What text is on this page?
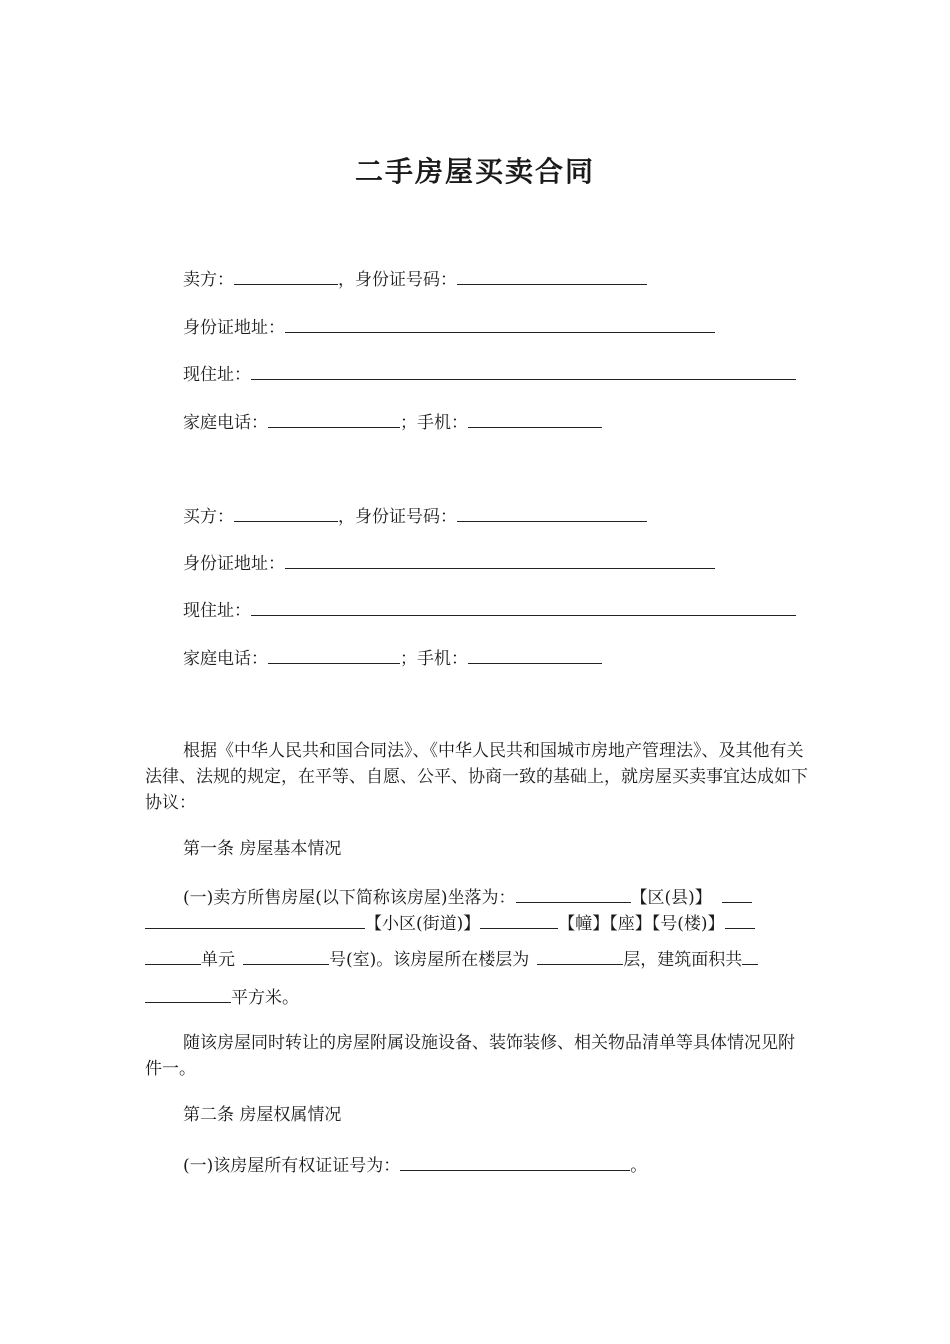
二手房屋买卖合同
卖方：	，身份证号码：
身份证地址：
现住址：
家庭电话：	；手机：
买方：	，身份证号码：
身份证地址：
现住址：
家庭电话：	；手机：
根据《中华人民共和国合同法》、《中华人民共和国城市房地产管理法》、及其他有关法律、法规的规定，在平等、自愿、公平、协商一致的基础上，就房屋买卖事宜达成如下协议：
第一条 房屋基本情况
(一)卖方所售房屋(以下简称该房屋)坐落为：	【区(县)】
【小区(街道)】	【幢】【座】【号(楼)】
单元	号(室)。该房屋所在楼层为	层，建筑面积共
平方米。
随该房屋同时转让的房屋附属设施设备、装饰装修、相关物品清单等具体情况见附件一。
第二条 房屋权属情况
(一)该房屋所有权证证号为：	。
